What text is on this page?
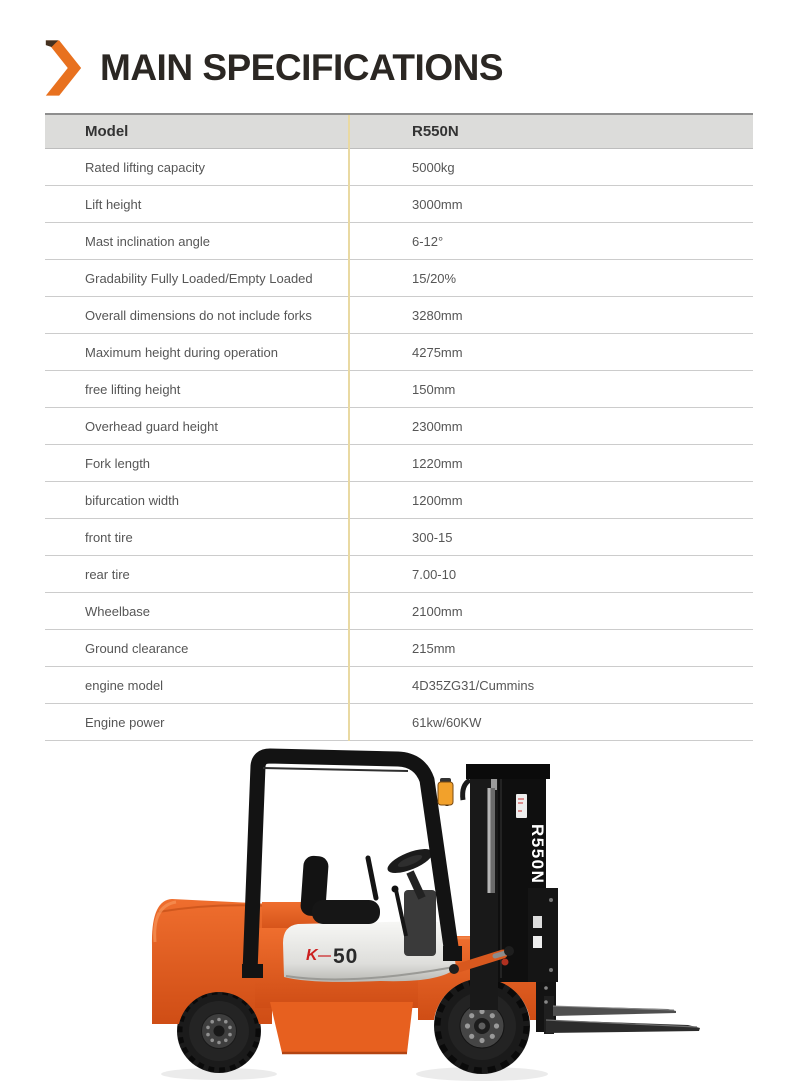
MAIN SPECIFICATIONS
Model	R550N
Rated lifting capacity	5000kg
Lift height	3000mm
Mast inclination angle	6-12°
Gradability Fully Loaded/Empty Loaded	15/20%
Overall dimensions do not include forks	3280mm
Maximum height during operation	4275mm
free lifting height	150mm
Overhead guard height	2300mm
Fork length	1220mm
bifurcation width	1200mm
front tire	300-15
rear tire	7.00-10
Wheelbase	2100mm
Ground clearance	215mm
engine model	4D35ZG31/Cummins
Engine power	61kw/60KW
K 50
R550N
